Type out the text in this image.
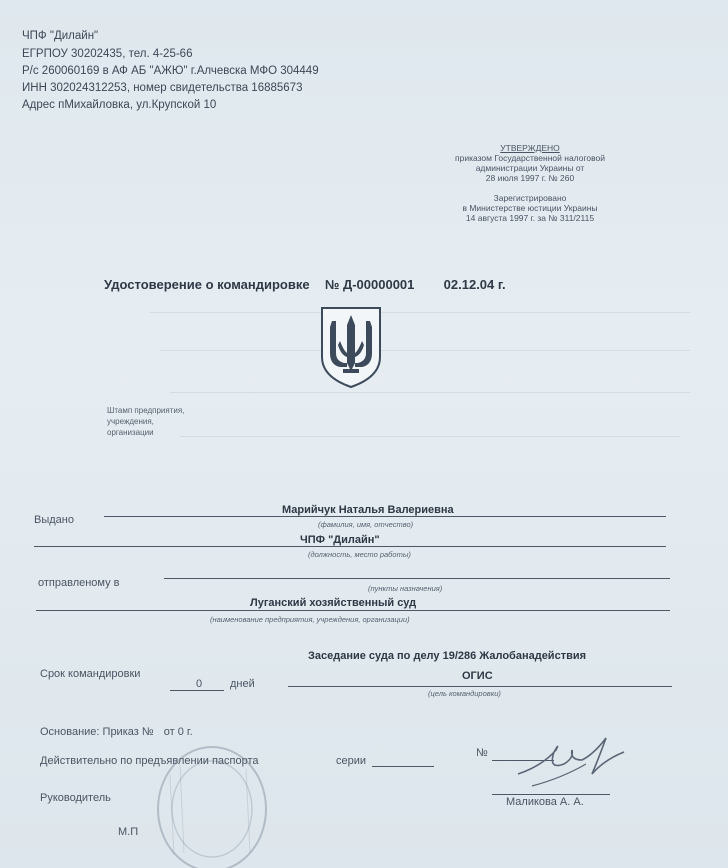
ЧПФ "Дилайн"
ЕГРПОУ 30202435, тел. 4-25-66
Р/с 260060169 в АФ АБ "АЖЮ" г.Алчевска МФО 304449
ИНН 302024312253, номер свидетельства 16885673
Адрес пМихайловка, ул.Крупской 10
УТВЕРЖДЕНО
приказом Государственной налоговой
администрации Украины от
28 июля 1997 г. № 260
Зарегистрировано
в Министерстве юстиции Украины
14 августа 1997 г. за № 311/2115
Удостоверение о командировке № Д-00000001 02.12.04 г.
Штамп предприятия,
учреждения,
организации
Выдано
Марийчук Наталья Валериевна
(фамилия, имя, отчество)
ЧПФ "Дилайн"
(должность, место работы)
отправленому в	(пункты назначения)
Луганский хозяйственный суд
(наименование предприятия, учреждения, организации)
Срок командировки
0	дней
Заседание суда по делу 19/286 Жалобанадействия
ОГИС
(цель командировки)
Основание: Приказ № от 0 г.
Действительно по предъявлении паспорта	серии
№
Руководитель	Маликова А. А.
М.П
